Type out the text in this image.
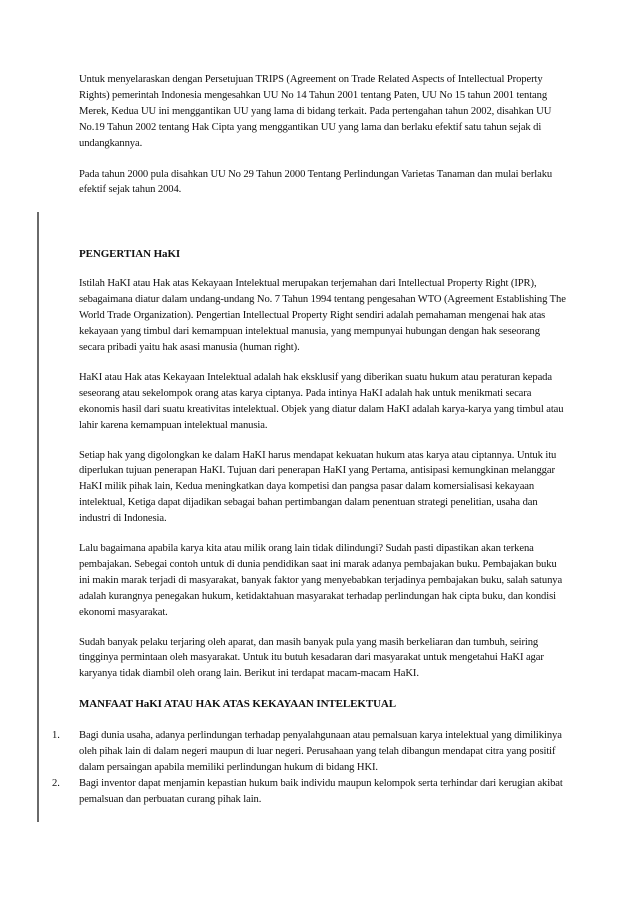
Untuk menyelaraskan dengan Persetujuan TRIPS (Agreement on Trade Related Aspects of Intellectual Property Rights) pemerintah Indonesia mengesahkan UU No 14 Tahun 2001 tentang Paten, UU No 15 tahun 2001 tentang Merek, Kedua UU ini menggantikan UU yang lama di bidang terkait. Pada pertengahan tahun 2002, disahkan UU No.19 Tahun 2002 tentang Hak Cipta yang menggantikan UU yang lama dan berlaku efektif satu tahun sejak di undangkannya.

Pada tahun 2000 pula disahkan UU No 29 Tahun 2000 Tentang Perlindungan Varietas Tanaman dan mulai berlaku efektif sejak tahun 2004.

PENGERTIAN HaKI

Istilah HaKI atau Hak atas Kekayaan Intelektual merupakan terjemahan dari Intellectual Property Right (IPR), sebagaimana diatur dalam undang-undang No. 7 Tahun 1994 tentang pengesahan WTO (Agreement Establishing The World Trade Organization). Pengertian Intellectual Property Right sendiri adalah pemahaman mengenai hak atas kekayaan yang timbul dari kemampuan intelektual manusia, yang mempunyai hubungan dengan hak seseorang secara pribadi yaitu hak asasi manusia (human right).

HaKI atau Hak atas Kekayaan Intelektual adalah hak eksklusif yang diberikan suatu hukum atau peraturan kepada seseorang atau sekelompok orang atas karya ciptanya. Pada intinya HaKI adalah hak untuk menikmati secara ekonomis hasil dari suatu kreativitas intelektual. Objek yang diatur dalam HaKI adalah karya-karya yang timbul atau lahir karena kemampuan intelektual manusia.

Setiap hak yang digolongkan ke dalam HaKI harus mendapat kekuatan hukum atas karya atau ciptannya. Untuk itu diperlukan tujuan penerapan HaKI. Tujuan dari penerapan HaKI yang Pertama, antisipasi kemungkinan melanggar HaKI milik pihak lain, Kedua meningkatkan daya kompetisi dan pangsa pasar dalam komersialisasi kekayaan intelektual, Ketiga dapat dijadikan sebagai bahan pertimbangan dalam penentuan strategi penelitian, usaha dan industri di Indonesia.

Lalu bagaimana apabila karya kita atau milik orang lain tidak dilindungi? Sudah pasti dipastikan akan terkena pembajakan. Sebegai contoh untuk di dunia pendidikan saat ini marak adanya pembajakan buku. Pembajakan buku ini makin marak terjadi di masyarakat, banyak faktor yang menyebabkan terjadinya pembajakan buku, salah satunya adalah kurangnya penegakan hukum, ketidaktahuan masyarakat terhadap perlindungan hak cipta buku, dan kondisi ekonomi masyarakat.

Sudah banyak pelaku terjaring oleh aparat, dan masih banyak pula yang masih berkeliaran dan tumbuh, seiring tingginya permintaan oleh masyarakat. Untuk itu butuh kesadaran dari masyarakat untuk mengetahui HaKI agar karyanya tidak diambil oleh orang lain. Berikut ini terdapat macam-macam HaKI.

MANFAAT HaKI ATAU HAK ATAS KEKAYAAN INTELEKTUAL
1. Bagi dunia usaha, adanya perlindungan terhadap penyalahgunaan atau pemalsuan karya intelektual yang dimilikinya oleh pihak lain di dalam negeri maupun di luar negeri. Perusahaan yang telah dibangun mendapat citra yang positif dalam persaingan apabila memiliki perlindungan hukum di bidang HKI.
2. Bagi inventor dapat menjamin kepastian hukum baik individu maupun kelompok serta terhindar dari kerugian akibat pemalsuan dan perbuatan curang pihak lain.
